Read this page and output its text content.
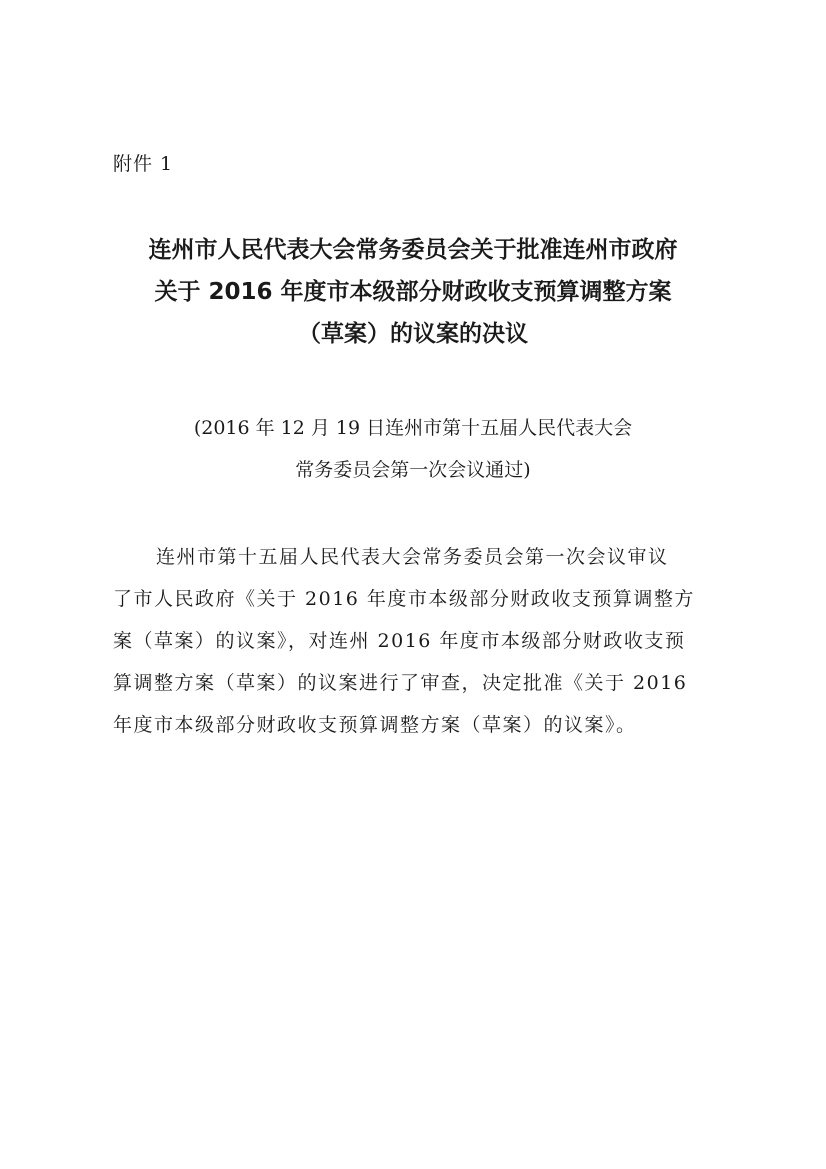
附件 1
连州市人民代表大会常务委员会关于批准连州市政府
关于 2016 年度市本级部分财政收支预算调整方案
（草案）的议案的决议
(2016 年 12 月 19 日连州市第十五届人民代表大会
常务委员会第一次会议通过)
连州市第十五届人民代表大会常务委员会第一次会议审议
了市人民政府《关于 2016 年度市本级部分财政收支预算调整方
案（草案）的议案》，对连州 2016 年度市本级部分财政收支预
算调整方案（草案）的议案进行了审查，决定批准《关于 2016
年度市本级部分财政收支预算调整方案（草案）的议案》。
